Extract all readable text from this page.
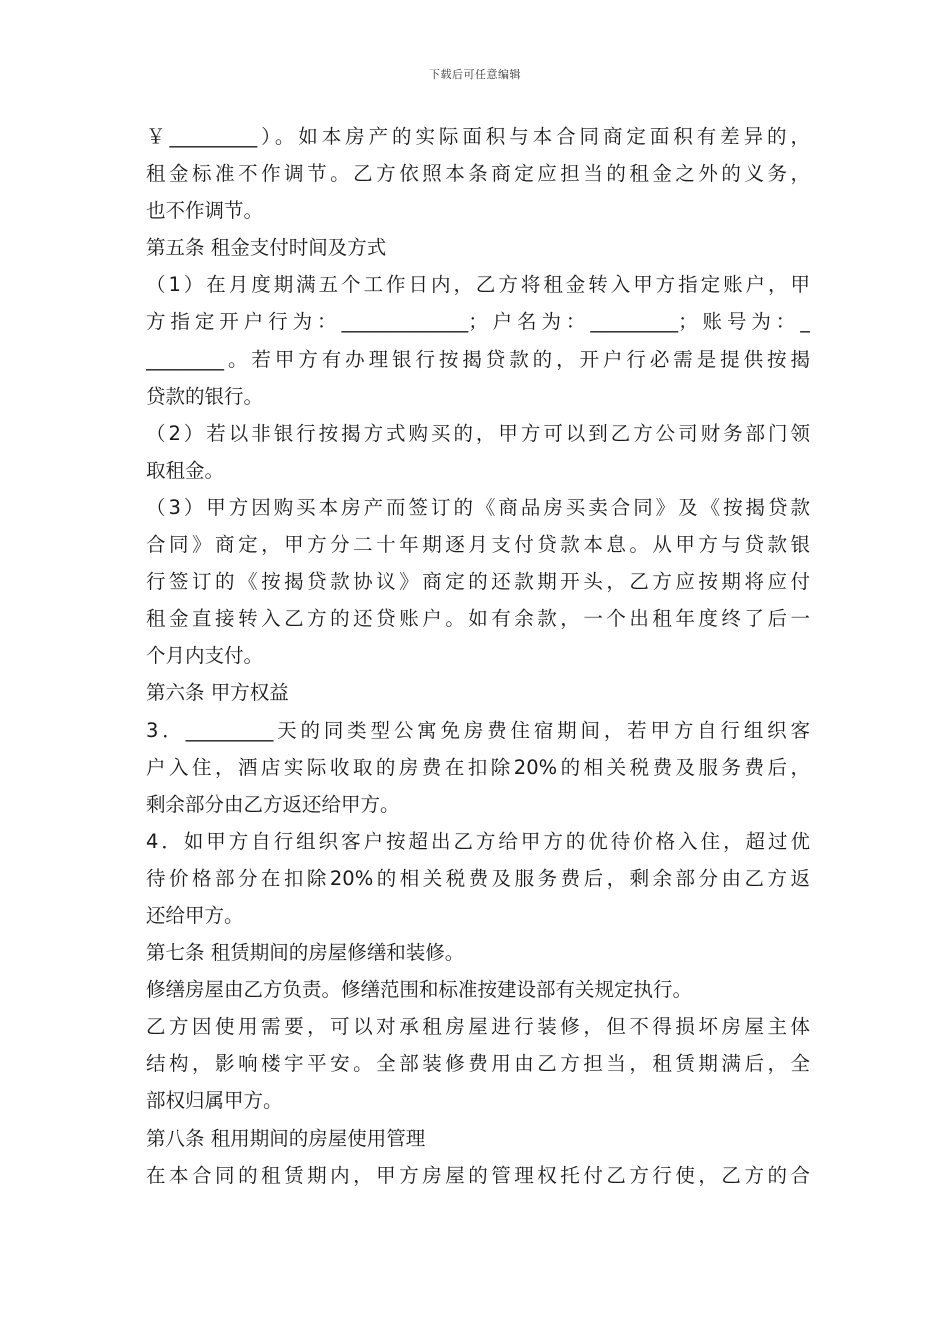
下载后可任意编辑
￥_________）。如本房产的实际面积与本合同商定面积有差异的，
租金标准不作调节。乙方依照本条商定应担当的租金之外的义务，
也不作调节。
第五条 租金支付时间及方式
（1）在月度期满五个工作日内，乙方将租金转入甲方指定账户，甲
方指定开户行为：_____________；户名为：_________；账号为：_
________。若甲方有办理银行按揭贷款的，开户行必需是提供按揭
贷款的银行。
（2）若以非银行按揭方式购买的，甲方可以到乙方公司财务部门领
取租金。
（3）甲方因购买本房产而签订的《商品房买卖合同》及《按揭贷款
合同》商定，甲方分二十年期逐月支付贷款本息。从甲方与贷款银
行签订的《按揭贷款协议》商定的还款期开头，乙方应按期将应付
租金直接转入乙方的还贷账户。如有余款，一个出租年度终了后一
个月内支付。
第六条 甲方权益
3．_________天的同类型公寓免房费住宿期间，若甲方自行组织客
户入住，酒店实际收取的房费在扣除20%的相关税费及服务费后，
剩余部分由乙方返还给甲方。
4．如甲方自行组织客户按超出乙方给甲方的优待价格入住，超过优
待价格部分在扣除20%的相关税费及服务费后，剩余部分由乙方返
还给甲方。
第七条 租赁期间的房屋修缮和装修。
修缮房屋由乙方负责。修缮范围和标准按建设部有关规定执行。
乙方因使用需要，可以对承租房屋进行装修，但不得损坏房屋主体
结构，影响楼宇平安。全部装修费用由乙方担当，租赁期满后，全
部权归属甲方。
第八条 租用期间的房屋使用管理
在本合同的租赁期内，甲方房屋的管理权托付乙方行使，乙方的合
